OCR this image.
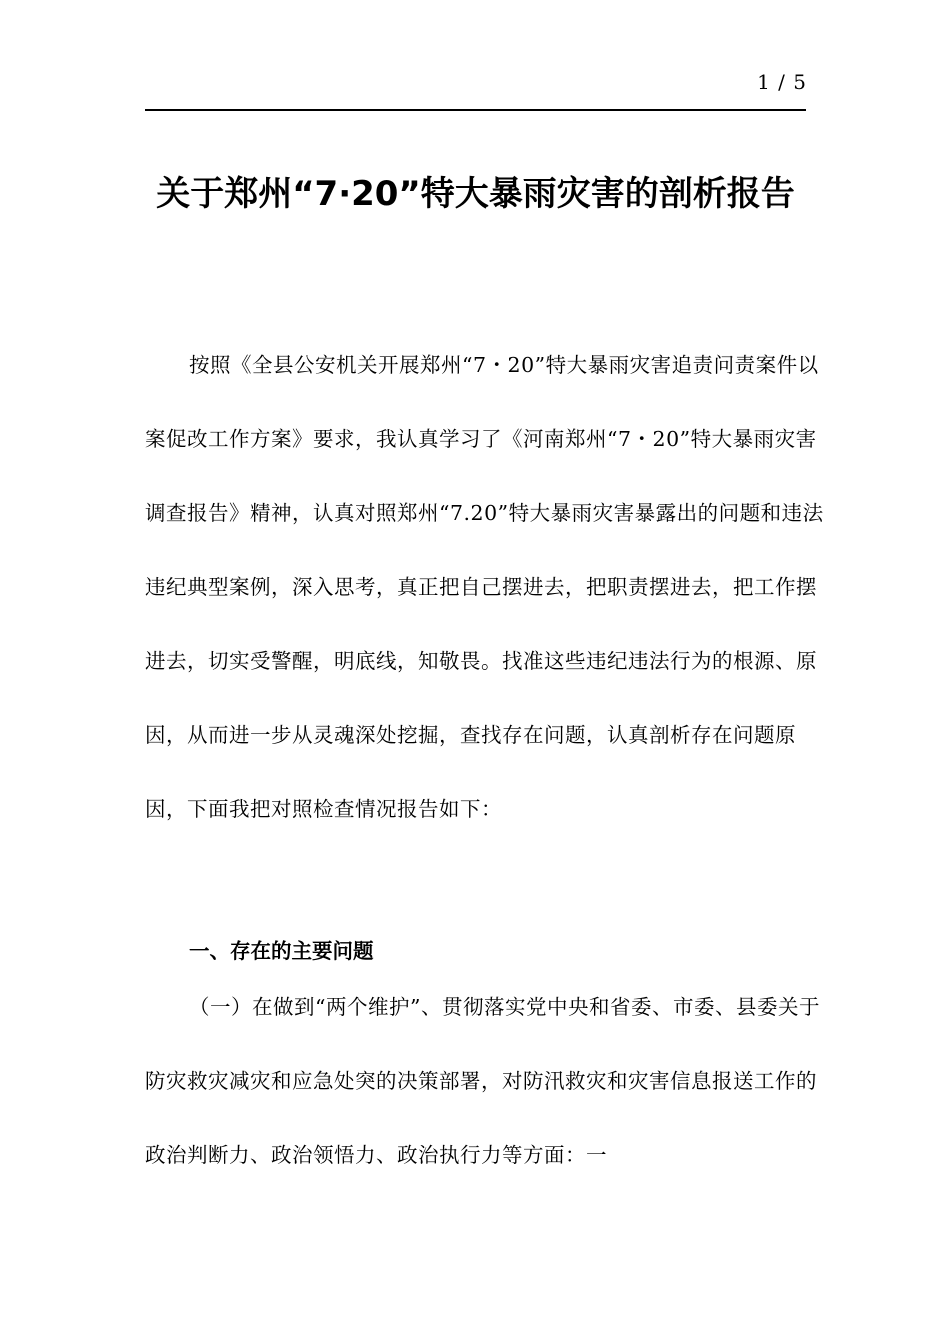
1 / 5
关于郑州“7·20”特大暴雨灾害的剖析报告

按照《全县公安机关开展郑州“7・20”特大暴雨灾害追责问责案件以案促改工作方案》要求，我认真学习了《河南郑州“7・20”特大暴雨灾害调查报告》精神，认真对照郑州“7.20”特大暴雨灾害暴露出的问题和违法违纪典型案例，深入思考，真正把自己摆进去，把职责摆进去，把工作摆进去，切实受警醒，明底线，知敬畏。找准这些违纪违法行为的根源、原因，从而进一步从灵魂深处挖掘，查找存在问题，认真剖析存在问题原因，下面我把对照检查情况报告如下：

一、存在的主要问题

（一）在做到“两个维护”、贯彻落实党中央和省委、市委、县委关于防灾救灾减灾和应急处突的决策部署，对防汛救灾和灾害信息报送工作的政治判断力、政治领悟力、政治执行力等方面：一
